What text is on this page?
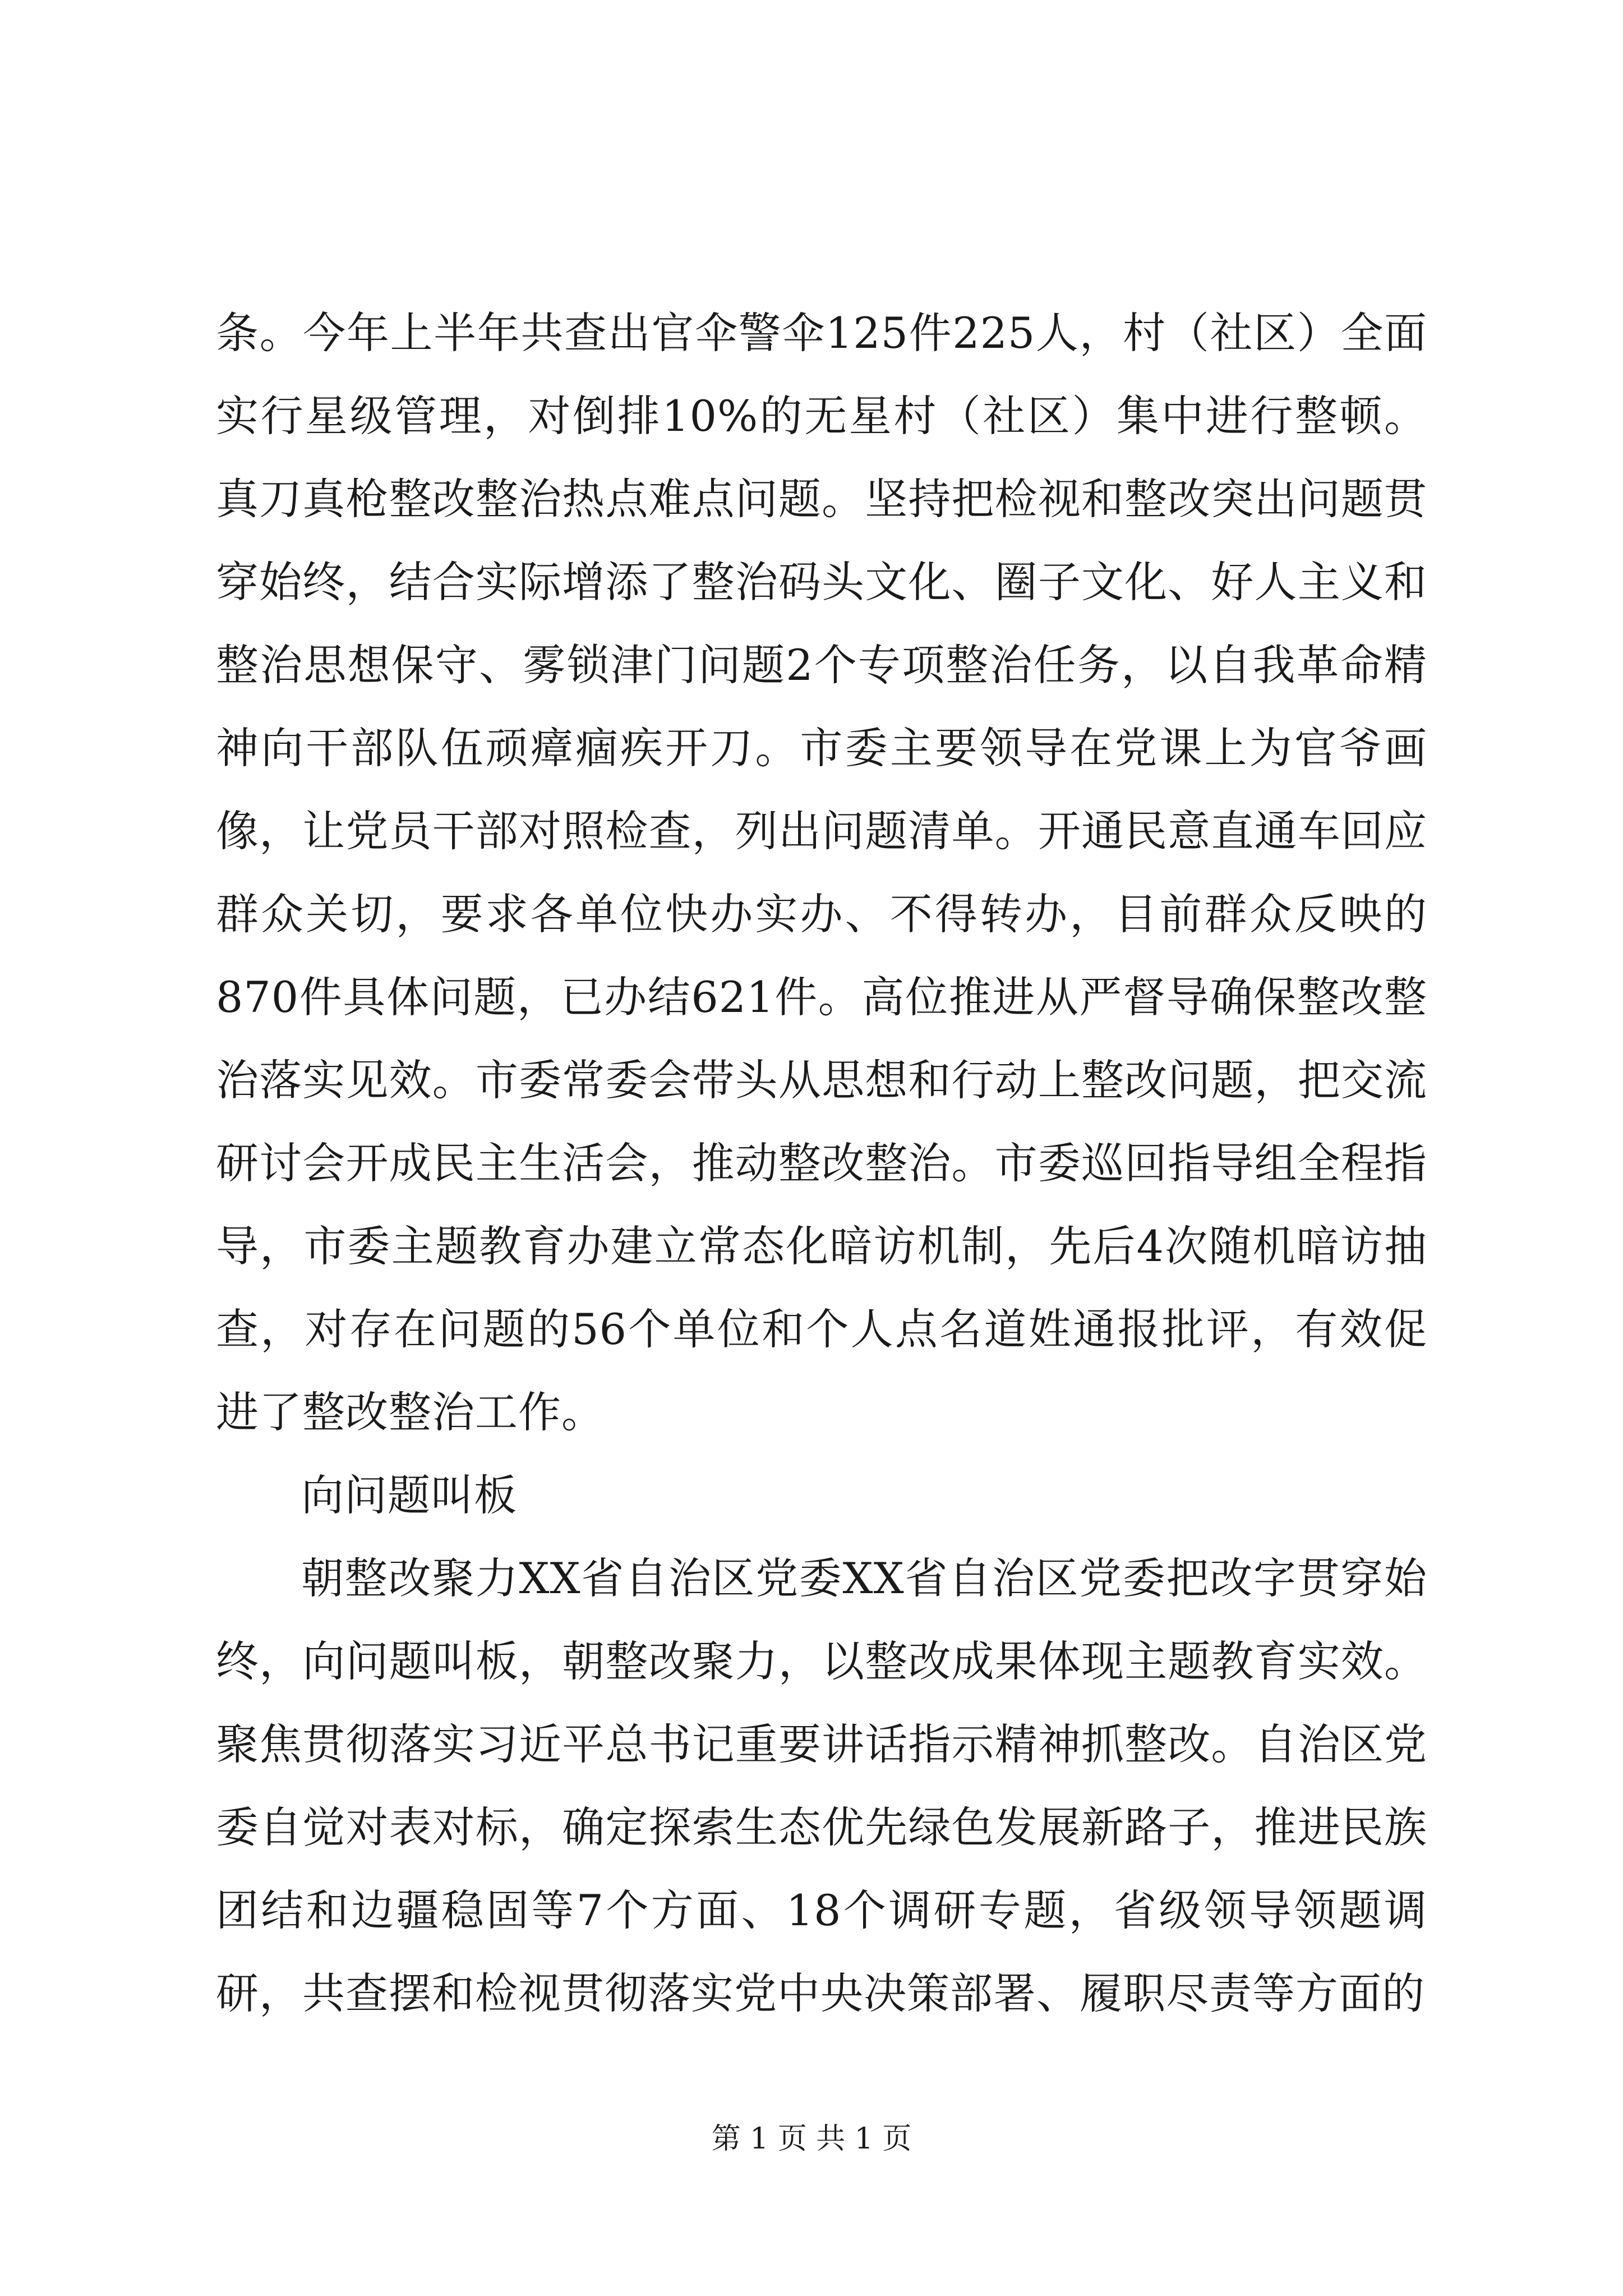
条。今年上半年共查出官伞警伞125件225人，村（社区）全面实行星级管理，对倒排10%的无星村（社区）集中进行整顿。真刀真枪整改整治热点难点问题。坚持把检视和整改突出问题贯穿始终，结合实际增添了整治码头文化、圈子文化、好人主义和整治思想保守、雾锁津门问题2个专项整治任务，以自我革命精神向干部队伍顽瘴痼疾开刀。市委主要领导在党课上为官爷画像，让党员干部对照检查，列出问题清单。开通民意直通车回应群众关切，要求各单位快办实办、不得转办，目前群众反映的870件具体问题，已办结621件。高位推进从严督导确保整改整治落实见效。市委常委会带头从思想和行动上整改问题，把交流研讨会开成民主生活会，推动整改整治。市委巡回指导组全程指导，市委主题教育办建立常态化暗访机制，先后4次随机暗访抽查，对存在问题的56个单位和个人点名道姓通报批评，有效促进了整改整治工作。

向问题叫板

朝整改聚力XX省自治区党委XX省自治区党委把改字贯穿始终，向问题叫板，朝整改聚力，以整改成果体现主题教育实效。聚焦贯彻落实习近平总书记重要讲话指示精神抓整改。自治区党委自觉对表对标，确定探索生态优先绿色发展新路子，推进民族团结和边疆稳固等7个方面、18个调研专题，省级领导领题调研，共查摆和检视贯彻落实党中央决策部署、履职尽责等方面的

第 1 页 共 1 页
